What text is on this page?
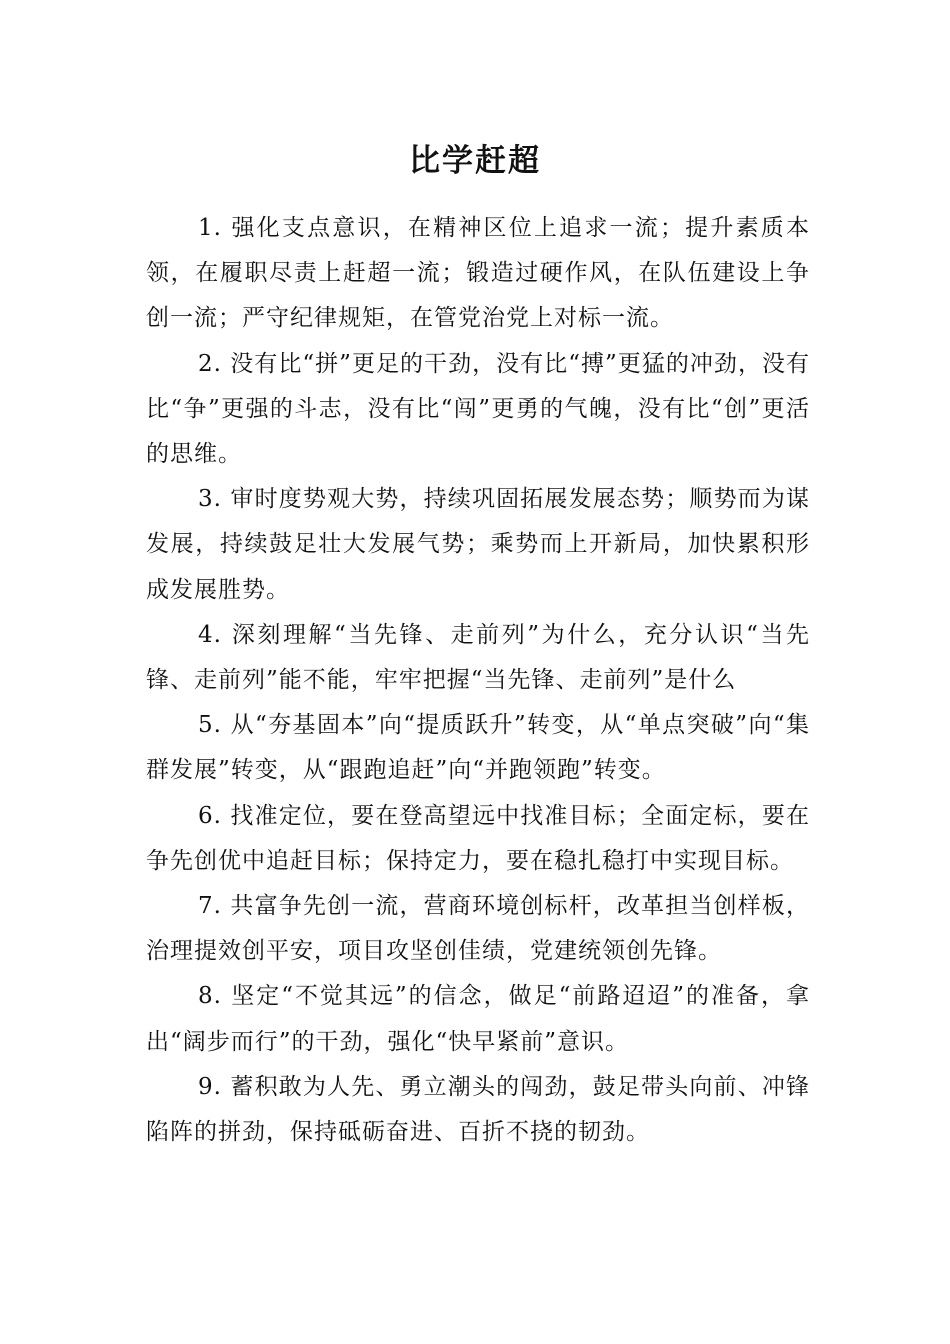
比学赶超

1. 强化支点意识，在精神区位上追求一流；提升素质本领，在履职尽责上赶超一流；锻造过硬作风，在队伍建设上争创一流；严守纪律规矩，在管党治党上对标一流。

2. 没有比“拼”更足的干劲，没有比“搏”更猛的冲劲，没有比“争”更强的斗志，没有比“闯”更勇的气魄，没有比“创”更活的思维。

3. 审时度势观大势，持续巩固拓展发展态势；顺势而为谋发展，持续鼓足壮大发展气势；乘势而上开新局，加快累积形成发展胜势。

4. 深刻理解“当先锋、走前列”为什么，充分认识“当先锋、走前列”能不能，牢牢把握“当先锋、走前列”是什么

5. 从“夯基固本”向“提质跃升”转变，从“单点突破”向“集群发展”转变，从“跟跑追赶”向“并跑领跑”转变。

6. 找准定位，要在登高望远中找准目标；全面定标，要在争先创优中追赶目标；保持定力，要在稳扎稳打中实现目标。

7. 共富争先创一流，营商环境创标杆，改革担当创样板，治理提效创平安，项目攻坚创佳绩，党建统领创先锋。

8. 坚定“不觉其远”的信念，做足“前路迢迢”的准备，拿出“阔步而行”的干劲，强化“快早紧前”意识。

9. 蓄积敢为人先、勇立潮头的闯劲，鼓足带头向前、冲锋陷阵的拼劲，保持砥砺奋进、百折不挠的韧劲。
